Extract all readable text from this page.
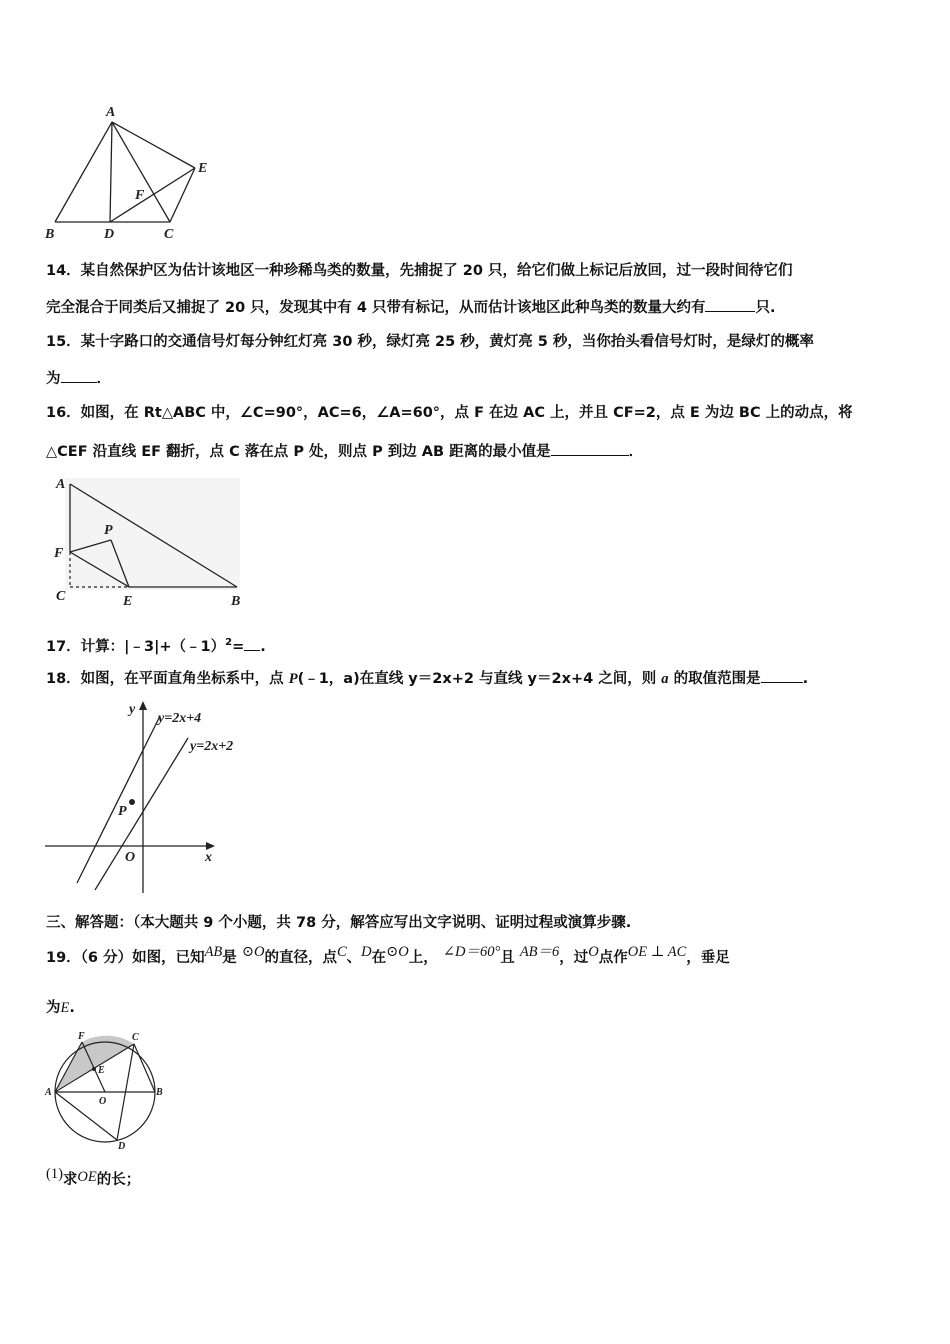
A
B	C
D
E
F
14．某自然保护区为估计该地区一种珍稀鸟类的数量，先捕捉了 20 只，给它们做上标记后放回，过一段时间待它们
完全混合于同类后又捕捉了 20 只，发现其中有 4 只带有标记，从而估计该地区此种鸟类的数量大约有	只.
15．某十字路口的交通信号灯每分钟红灯亮 30 秒，绿灯亮 25 秒，黄灯亮 5 秒，当你抬头看信号灯时，是绿灯的概率
为 ．
16．如图，在 Rt△ABC 中，∠C=90°，AC=6，∠A=60°，点 F 在边 AC 上，并且 CF=2，点 E 为边 BC 上的动点，将
△CEF 沿直线 EF 翻折，点 C 落在点 P 处，则点 P 到边 AB 距离的最小值是	．
A
F
C	E	B
P
17．计算：|﹣3|+（﹣1）$^2$= .
18．如图，在平面直角坐标系中，点 P(﹣1，a)在直线 y＝2x+2 与直线 y＝2x+4 之间，则 a 的取值范围是	.
y
x
O
P
y=2x+4
y=2x+2
三、解答题：（本大题共 9 个小题，共 78 分，解答应写出文字说明、证明过程或演算步骤.
19．（6 分）如图，已知AB是 ⊙O的直径，点C、D在⊙O上， ∠D＝60°且 AB＝6，过O点作OE ⊥ AC，垂足
为E.
A	B
C
F
E
O
D
(1)求OE的长；
